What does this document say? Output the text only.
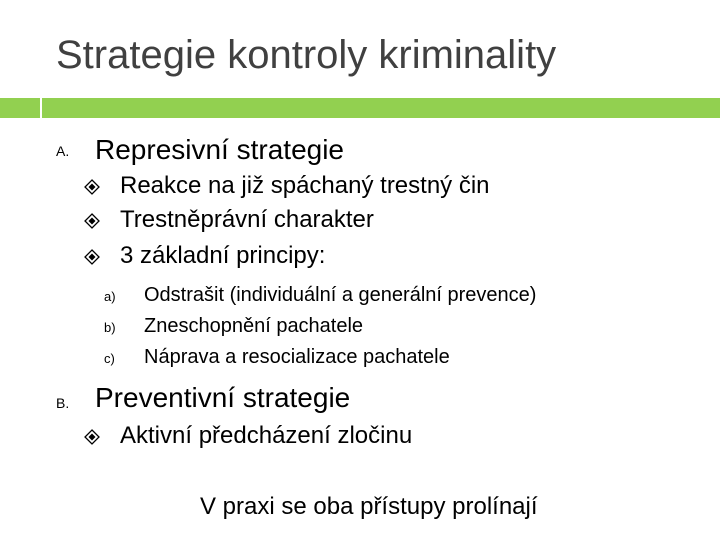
Strategie kontroly kriminality
A. Represivní strategie
Reakce na již spáchaný trestný čin
Trestněprávní charakter
3 základní principy:
a) Odstrašit (individuální a generální prevence)
b) Zneschopnění pachatele
c) Náprava a resocializace pachatele
B. Preventivní strategie
Aktivní předcházení zločinu
V praxi se oba přístupy prolínají
